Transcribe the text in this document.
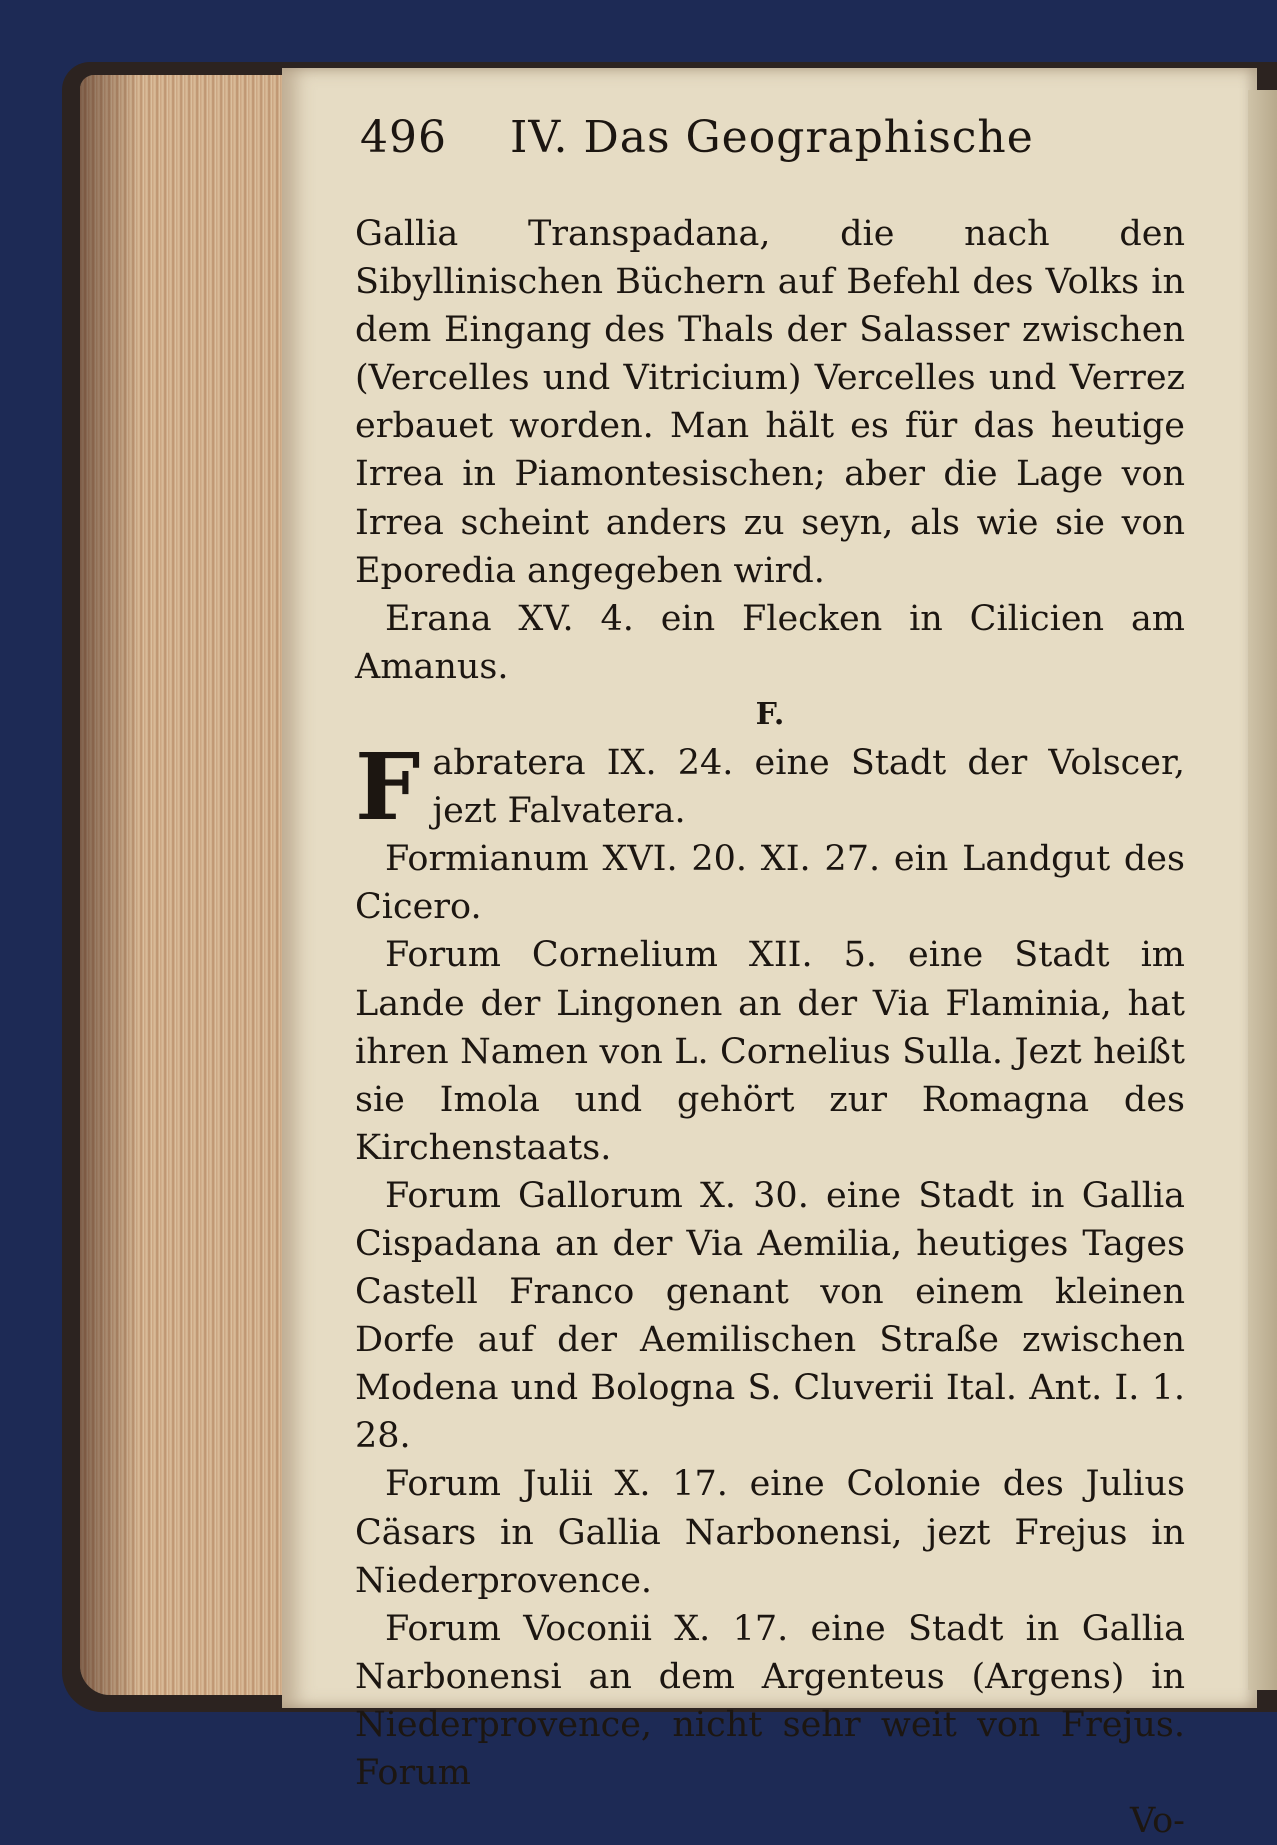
496 IV. Das Geographische

Gallia Transpadana, die nach den Sibyllinischen Büchern auf Befehl des Volks in dem Eingang des Thals der Salasser zwischen (Vercelles und Vitricium) Vercelles und Verrez erbauet worden. Man hält es für das heutige Irrea in Piamontesischen; aber die Lage von Irrea scheint anders zu seyn, als wie sie von Eporedia angegeben wird.

Erana XV. 4. ein Flecken in Cilicien am Amanus.

F.

Fabratera IX. 24. eine Stadt der Volscer, jezt Falvatera.

Formianum XVI. 20. XI. 27. ein Landgut des Cicero.

Forum Cornelium XII. 5. eine Stadt im Lande der Lingonen an der Via Flaminia, hat ihren Namen von L. Cornelius Sulla. Jezt heißt sie Imola und gehört zur Romagna des Kirchenstaats.

Forum Gallorum X. 30. eine Stadt in Gallia Cispadana an der Via Aemilia, heutiges Tages Castell Franco genant von einem kleinen Dorfe auf der Aemilischen Straße zwischen Modena und Bologna S. Cluverii Ital. Ant. I. 1. 28.

Forum Julii X. 17. eine Colonie des Julius Cäsars in Gallia Narbonensi, jezt Frejus in Niederprovence.

Forum Voconii X. 17. eine Stadt in Gallia Narbonensi an dem Argenteus (Argens) in Niederprovence, nicht sehr weit von Frejus. Forum

Vo-
